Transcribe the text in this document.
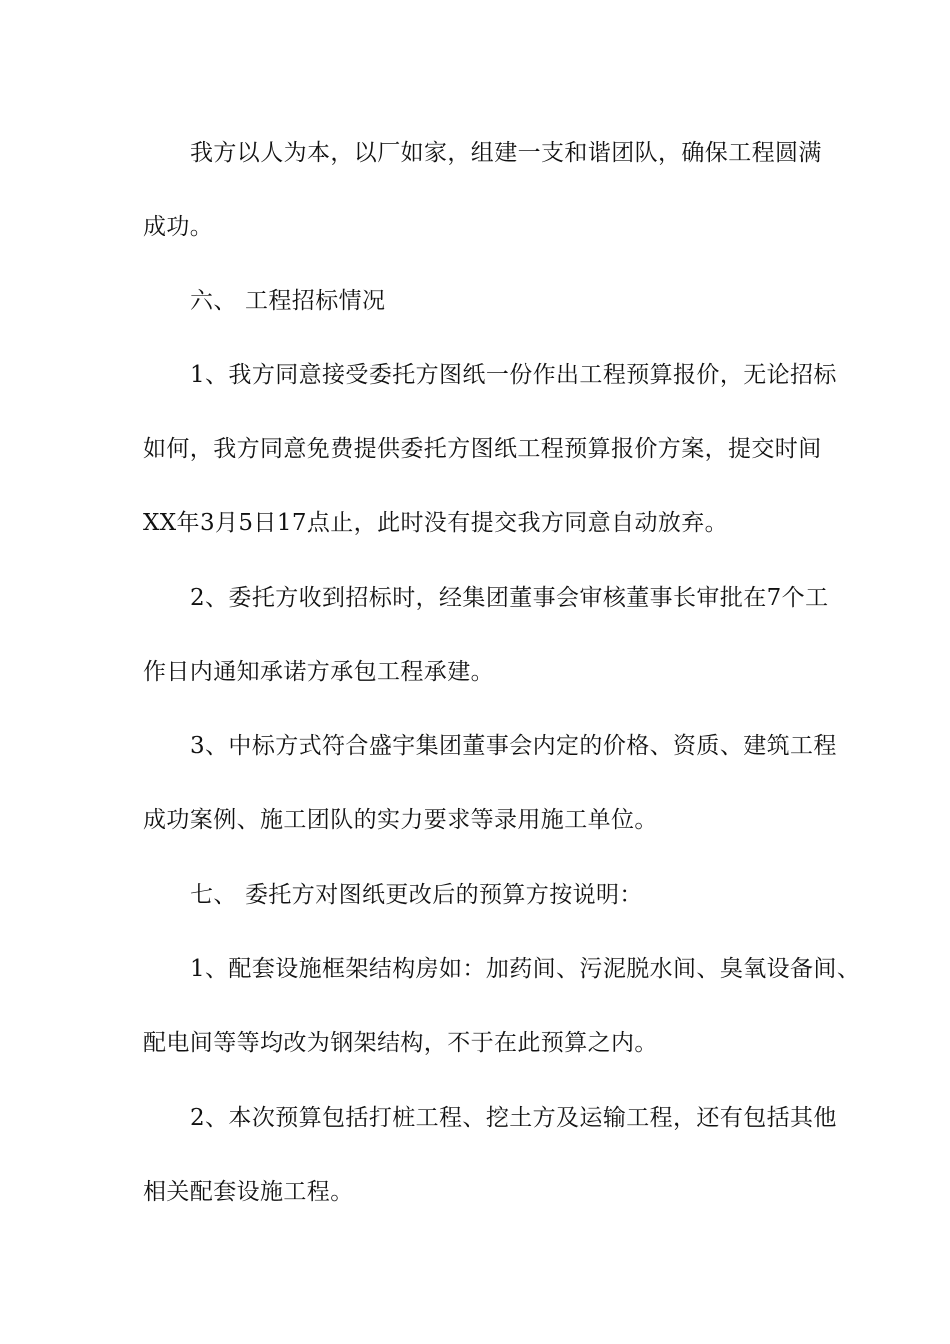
我方以人为本，以厂如家，组建一支和谐团队，确保工程圆满
成功。
六、 工程招标情况
1、我方同意接受委托方图纸一份作出工程预算报价，无论招标
如何，我方同意免费提供委托方图纸工程预算报价方案，提交时间
XX年3月5日17点止，此时没有提交我方同意自动放弃。
2、委托方收到招标时，经集团董事会审核董事长审批在7个工
作日内通知承诺方承包工程承建。
3、中标方式符合盛宇集团董事会内定的价格、资质、建筑工程
成功案例、施工团队的实力要求等录用施工单位。
七、 委托方对图纸更改后的预算方按说明：
1、配套设施框架结构房如：加药间、污泥脱水间、臭氧设备间、
配电间等等均改为钢架结构，不于在此预算之内。
2、本次预算包括打桩工程、挖土方及运输工程，还有包括其他
相关配套设施工程。
